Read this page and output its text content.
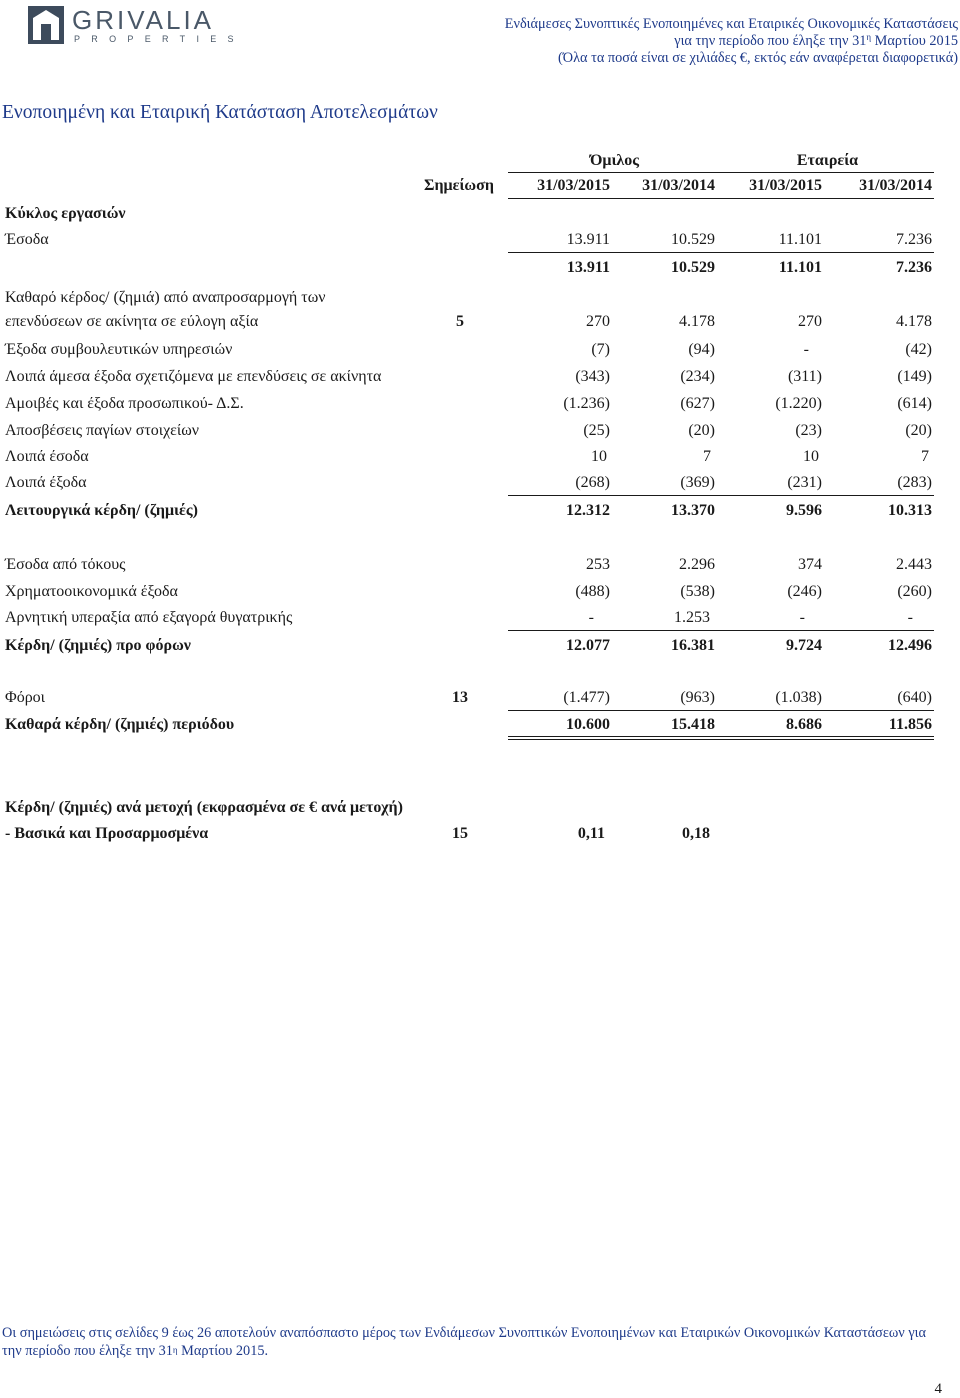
GRIVALIA
PROPERTIES
Ενδιάμεσες Συνοπτικές Ενοποιημένες και Εταιρικές Οικονομικές Καταστάσεις
για την περίοδο που έληξε την $31^\eta$ Μαρτίου 2015
(Όλα τα ποσά είναι σε χιλιάδες €, εκτός εάν αναφέρεται διαφορετικά)
Ενοποιημένη και Εταιρική Κατάσταση Αποτελεσμάτων
Όμιλος	Εταιρεία
Σημείωση	31/03/2015 31/03/2014 31/03/2015 31/03/2014
Κύκλος εργασιών
Έσοδα	13.911	10.529	11.101	7.236
13.911	10.529	11.101	7.236
Καθαρό κέρδος/ (ζημιά) από αναπροσαρμογή των
επενδύσεων σε ακίνητα σε εύλογη αξία	5	270	4.178	270	4.178
Έξοδα συμβουλευτικών υπηρεσιών	(7)	(94)	-	(42)
Λοιπά άμεσα έξοδα σχετιζόμενα με επενδύσεις σε ακίνητα	(343)	(234)	(311)	(149)
Αμοιβές και έξοδα προσωπικού- Δ.Σ.	(1.236)	(627)	(1.220)	(614)
Αποσβέσεις παγίων στοιχείων	(25)	(20)	(23)	(20)
Λοιπά έσοδα	10	7	10	7
Λοιπά έξοδα	(268)	(369)	(231)	(283)
Λειτουργικά κέρδη/ (ζημιές)	12.312	13.370	9.596	10.313
Έσοδα από τόκους	253	2.296	374	2.443
Χρηματοοικονομικά έξοδα	(488)	(538)	(246)	(260)
Αρνητική υπεραξία από εξαγορά θυγατρικής	-	1.253	-	-
Κέρδη/ (ζημιές) προ φόρων	12.077	16.381	9.724	12.496
Φόροι	13	(1.477)	(963)	(1.038)	(640)
Καθαρά κέρδη/ (ζημιές) περιόδου	10.600	15.418	8.686	11.856
Κέρδη/ (ζημιές) ανά μετοχή (εκφρασμένα σε € ανά μετοχή)
- Βασικά και Προσαρμοσμένα	15	0,11	0,18
Οι σημειώσεις στις σελίδες 9 έως 26 αποτελούν αναπόσπαστο μέρος των Ενδιάμεσων Συνοπτικών Ενοποιημένων και Εταιρικών Οικονομικών Καταστάσεων για
την περίοδο που έληξε την $31^\eta$ Μαρτίου 2015.
4
